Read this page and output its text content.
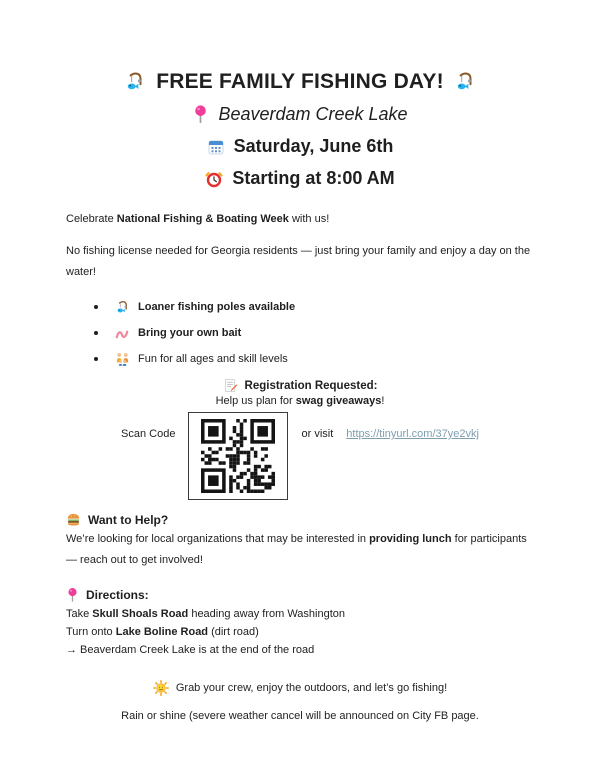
FREE FAMILY FISHING DAY!
Beaverdam Creek Lake
Saturday, June 6th
Starting at 8:00 AM

Celebrate National Fishing & Boating Week with us!

No fishing license needed for Georgia residents — just bring your family and enjoy a day on the water!

Loaner fishing poles available
Bring your own bait
Fun for all ages and skill levels
Registration Requested:
Help us plan for swag giveaways!
Scan Code	or visit https://tinyurl.com/37ye2vkj
Want to Help?

We’re looking for local organizations that may be interested in providing lunch for participants — reach out to get involved!

Directions:

Take Skull Shoals Road heading away from Washington

Turn onto Lake Boline Road (dirt road)

→ Beaverdam Creek Lake is at the end of the road

Grab your crew, enjoy the outdoors, and let’s go fishing!

Rain or shine (severe weather cancel will be announced on City FB page.
